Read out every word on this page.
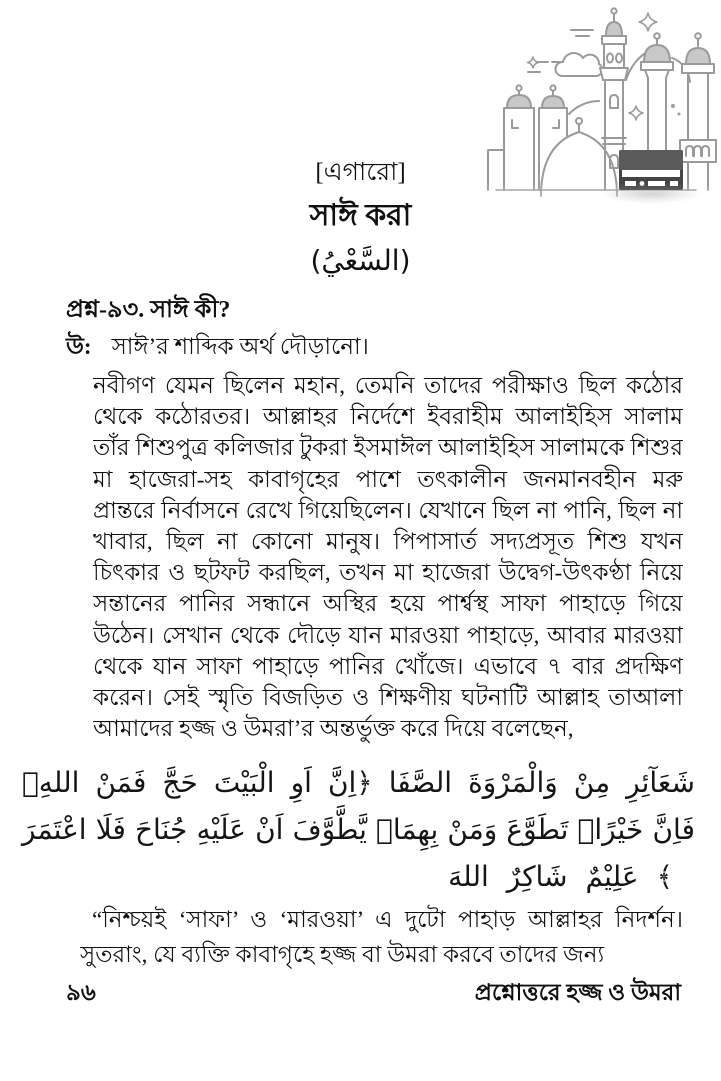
[এগারো]
সাঈ করা
(السَّعْيُ)
প্রশ্ন-৯৩. সাঈ কী?
উ: সাঈ’র শাব্দিক অর্থ দৌড়ানো।
নবীগণ যেমন ছিলেন মহান, তেমনি তাদের পরীক্ষাও ছিল কঠোর থেকে কঠোরতর। আল্লাহর নির্দেশে ইবরাহীম আলাইহিস সালাম তাঁর শিশুপুত্র কলিজার টুকরা ইসমাঈল আলাইহিস সালামকে শিশুর মা হাজেরা-সহ কাবাগৃহের পাশে তৎকালীন জনমানবহীন মরু প্রান্তরে নির্বাসনে রেখে গিয়েছিলেন। যেখানে ছিল না পানি, ছিল না খাবার, ছিল না কোনো মানুষ। পিপাসার্ত সদ্যপ্রসূত শিশু যখন চিৎকার ও ছটফট করছিল, তখন মা হাজেরা উদ্বেগ-উৎকণ্ঠা নিয়ে সন্তানের পানির সন্ধানে অস্থির হয়ে পার্শ্বস্থ সাফা পাহাড়ে গিয়ে উঠেন। সেখান থেকে দৌড়ে যান মারওয়া পাহাড়ে, আবার মারওয়া থেকে যান সাফা পাহাড়ে পানির খোঁজে। এভাবে ৭ বার প্রদক্ষিণ করেন। সেই স্মৃতি বিজড়িত ও শিক্ষণীয় ঘটনাটি আল্লাহ তাআলা আমাদের হজ্জ ও উমরা’র অন্তর্ভুক্ত করে দিয়ে বলেছেন,
اللهِۚ فَمَنْ حَجَّ الْبَيْتَ اَوِ ﴿اِنَّ الصَّفَا وَالْمَرْوَةَ مِنْ شَعَآئِرِ
اعْتَمَرَ فَلَا جُنَاحَ عَلَيْهِ اَنْ يَّطَّوَّفَ بِهِمَاۚ وَمَنْ تَطَوَّعَ خَيْرًاۙ فَاِنَّ
اللهَ شَاكِرٌ عَلِيْمٌ ﴾
“নিশ্চয়ই ‘সাফা’ ও ‘মারওয়া’ এ দুটো পাহাড় আল্লাহর নিদর্শন। সুতরাং, যে ব্যক্তি কাবাগৃহে হজ্জ বা উমরা করবে তাদের জন্য
৯৬	প্রশ্নোত্তরে হজ্জ ও উমরা
